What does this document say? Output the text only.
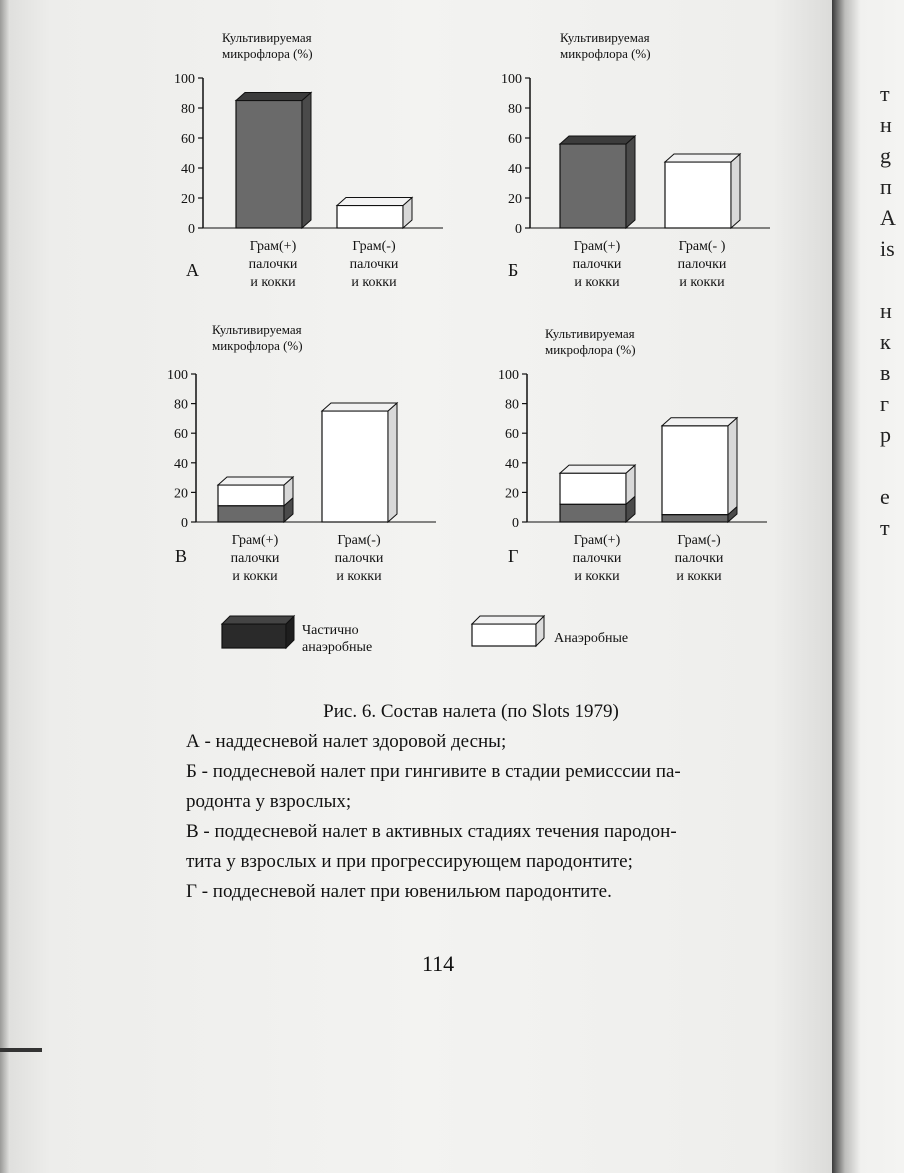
т
н
g
п
А
is
н
к
в
г
р
е
т
Культивируемая
микрофлора (%)
0
20
40
60
80
100
Грам(+)
палочки
и кокки
Грам(-)
палочки
и кокки
А
Культивируемая
микрофлора (%)
0
20
40
60
80
100
Грам(+)
палочки
и кокки
Грам(- )
палочки
и кокки
Б
Культивируемая
микрофлора (%)
0
20
40
60
80
100
Грам(+)
палочки
и кокки
Грам(-)
палочки
и кокки
В
Культивируемая
микрофлора (%)
0
20
40
60
80
100
Грам(+)
палочки
и кокки
Грам(-)
палочки
и кокки
Г
Частично
анаэробные
Анаэробные
Рис. 6. Состав налета (по Slots 1979)
А - наддесневой налет здоровой десны;
Б - поддесневой налет при гингивите в стадии ремисссии па-
родонта у взрослых;
В - поддесневой налет в активных стадиях течения пародон-
тита у взрослых и при прогрессирующем пародонтите;
Г - поддесневой налет при ювенильюм пародонтите.
114
